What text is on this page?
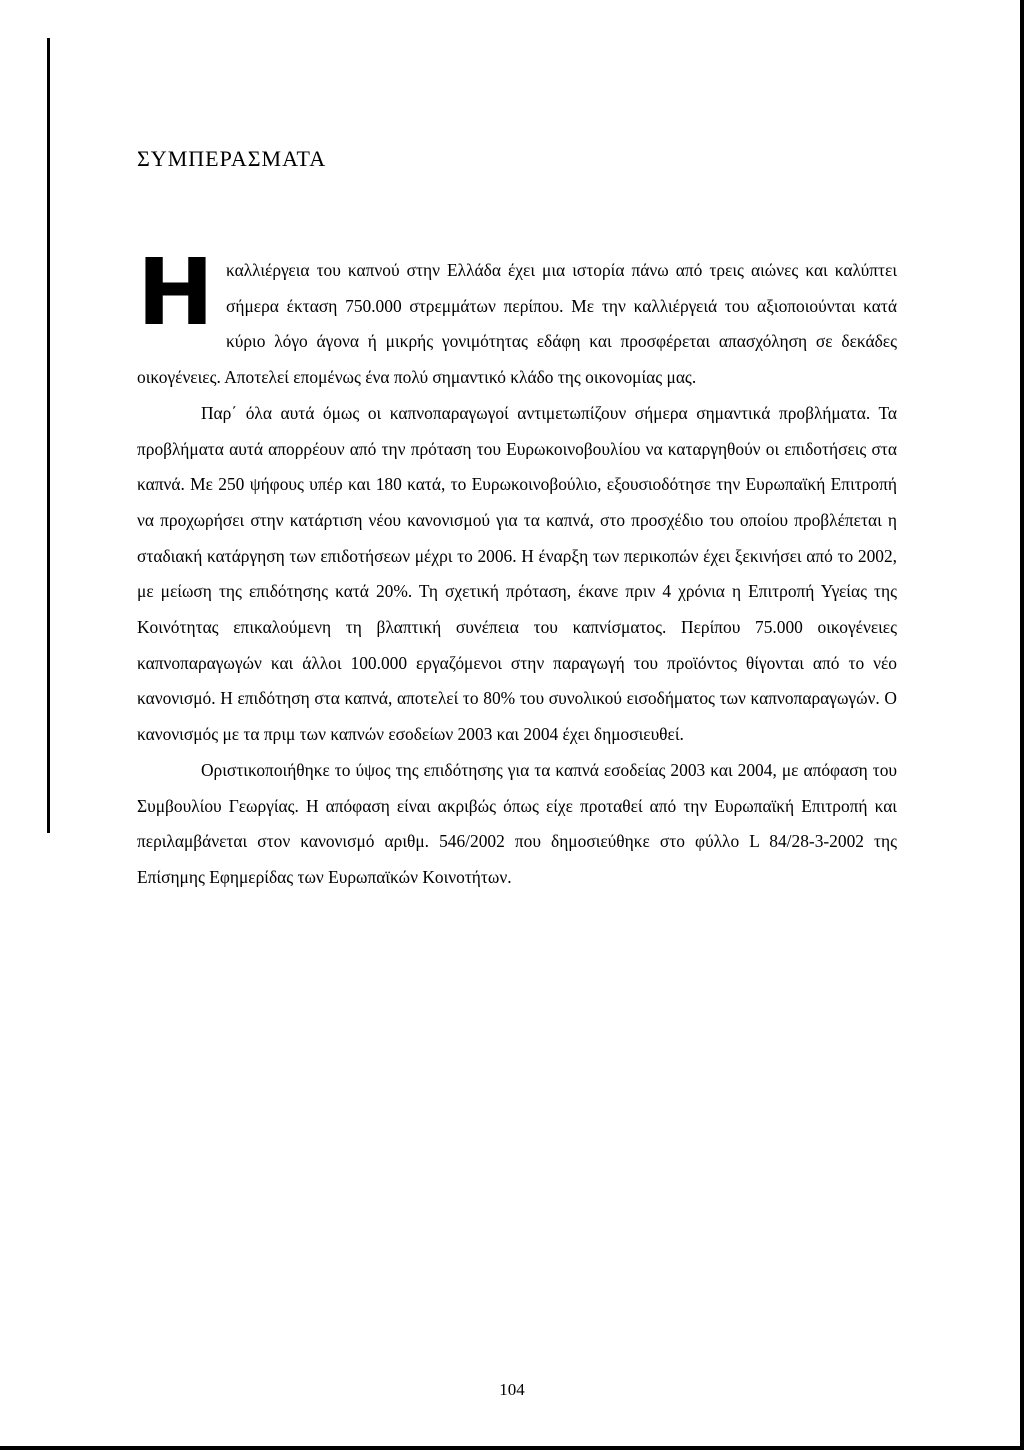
ΣΥΜΠΕΡΑΣΜΑΤΑ

Ηκαλλιέργεια του καπνού στην Ελλάδα έχει μια ιστορία πάνω από τρεις αιώνες και καλύπτει σήμερα έκταση 750.000 στρεμμάτων περίπου. Με την καλλιέργειά του αξιοποιούνται κατά κύριο λόγο άγονα ή μικρής γονιμότητας εδάφη και προσφέρεται απασχόληση σε δεκάδες οικογένειες. Αποτελεί επομένως ένα πολύ σημαντικό κλάδο της οικονομίας μας.

Παρ΄ όλα αυτά όμως οι καπνοπαραγωγοί αντιμετωπίζουν σήμερα σημαντικά προβλήματα. Τα προβλήματα αυτά απορρέουν από την πρόταση του Ευρωκοινοβουλίου να καταργηθούν οι επιδοτήσεις στα καπνά. Με 250 ψήφους υπέρ και 180 κατά, το Ευρωκοινοβούλιο, εξουσιοδότησε την Ευρωπαϊκή Επιτροπή να προχωρήσει στην κατάρτιση νέου κανονισμού για τα καπνά, στο προσχέδιο του οποίου προβλέπεται η σταδιακή κατάργηση των επιδοτήσεων μέχρι το 2006. Η έναρξη των περικοπών έχει ξεκινήσει από το 2002, με μείωση της επιδότησης κατά 20%. Τη σχετική πρόταση, έκανε πριν 4 χρόνια η Επιτροπή Υγείας της Κοινότητας επικαλούμενη τη βλαπτική συνέπεια του καπνίσματος. Περίπου 75.000 οικογένειες καπνοπαραγωγών και άλλοι 100.000 εργαζόμενοι στην παραγωγή του προϊόντος θίγονται από το νέο κανονισμό. Η επιδότηση στα καπνά, αποτελεί το 80% του συνολικού εισοδήματος των καπνοπαραγωγών. Ο κανονισμός με τα πριμ των καπνών εσοδείων 2003 και 2004 έχει δημοσιευθεί.

Οριστικοποιήθηκε το ύψος της επιδότησης για τα καπνά εσοδείας 2003 και 2004, με απόφαση του Συμβουλίου Γεωργίας. Η απόφαση είναι ακριβώς όπως είχε προταθεί από την Ευρωπαϊκή Επιτροπή και περιλαμβάνεται στον κανονισμό αριθμ. 546/2002 που δημοσιεύθηκε στο φύλλο L 84/28-3-2002 της Επίσημης Εφημερίδας των Ευρωπαϊκών Κοινοτήτων.

104
